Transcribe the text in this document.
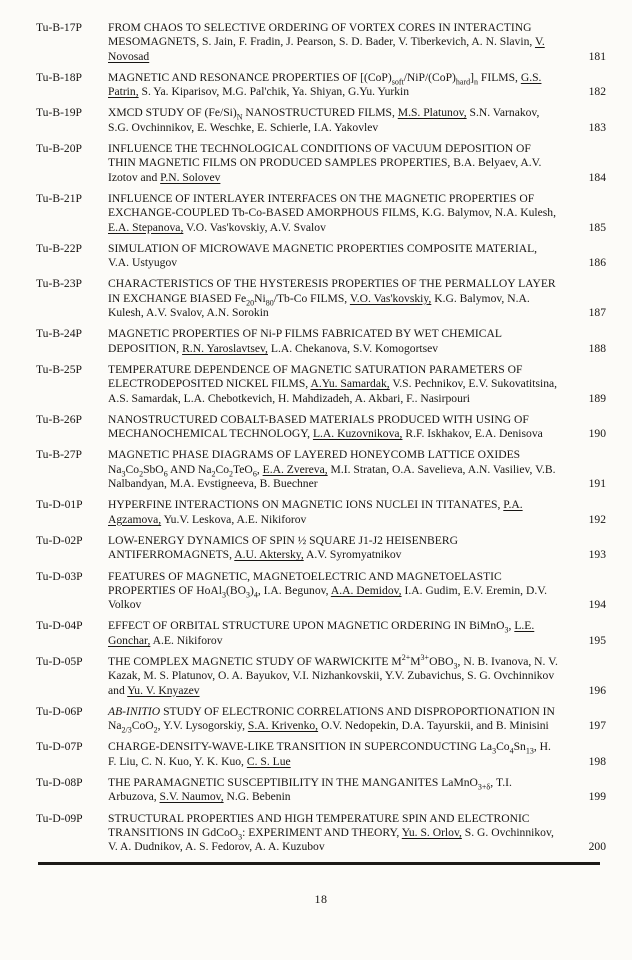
Tu-B-17P	FROM CHAOS TO SELECTIVE ORDERING OF VORTEX CORES IN INTERACTING MESOMAGNETS, S. Jain, F. Fradin, J. Pearson, S. D. Bader, V. Tiberkevich, A. N. Slavin, V. Novosad	181
Tu-B-18P	MAGNETIC AND RESONANCE PROPERTIES OF $[(CoP)_{soft}/NiP/(CoP)_{hard}]_n$ FILMS, G.S. Patrin, S. Ya. Kiparisov, M.G. Pal'chik, Ya. Shiyan, G.Yu. Yurkin	182
Tu-B-19P	XMCD STUDY OF $(Fe/Si)_N$ NANOSTRUCTURED FILMS, M.S. Platunov, S.N. Varnakov, S.G. Ovchinnikov, E. Weschke, E. Schierle, I.A. Yakovlev	183
Tu-B-20P	INFLUENCE THE TECHNOLOGICAL CONDITIONS OF VACUUM DEPOSITION OF THIN MAGNETIC FILMS ON PRODUCED SAMPLES PROPERTIES, B.A. Belyaev, A.V. Izotov and P.N. Solovev	184
Tu-B-21P	INFLUENCE OF INTERLAYER INTERFACES ON THE MAGNETIC PROPERTIES OF EXCHANGE-COUPLED Tb-Co-BASED AMORPHOUS FILMS, K.G. Balymov, N.A. Kulesh, E.A. Stepanova, V.O. Vas'kovskiy, A.V. Svalov	185
Tu-B-22P	SIMULATION OF MICROWAVE MAGNETIC PROPERTIES COMPOSITE MATERIAL, V.A. Ustyugov	186
Tu-B-23P	CHARACTERISTICS OF THE HYSTERESIS PROPERTIES OF THE PERMALLOY LAYER IN EXCHANGE BIASED $Fe_{20}Ni_{80}/Tb-Co$ FILMS, V.O. Vas'kovskiy, K.G. Balymov, N.A. Kulesh, A.V. Svalov, A.N. Sorokin	187
Tu-B-24P	MAGNETIC PROPERTIES OF Ni-P FILMS FABRICATED BY WET CHEMICAL DEPOSITION, R.N. Yaroslavtsev, L.A. Chekanova, S.V. Komogortsev	188
Tu-B-25P	TEMPERATURE DEPENDENCE OF MAGNETIC SATURATION PARAMETERS OF ELECTRODEPOSITED NICKEL FILMS, A.Yu. Samardak, V.S. Pechnikov, E.V. Sukovatitsina, A.S. Samardak, L.A. Chebotkevich, H. Mahdizadeh, A. Akbari, F.. Nasirpouri	189
Tu-B-26P	NANOSTRUCTURED COBALT-BASED MATERIALS PRODUCED WITH USING OF MECHANOCHEMICAL TECHNOLOGY, L.A. Kuzovnikova, R.F. Iskhakov, E.A. Denisova	190
Tu-B-27P	MAGNETIC PHASE DIAGRAMS OF LAYERED HONEYCOMB LATTICE OXIDES $Na_3Co_2SbO_6$ AND $Na_2Co_2TeO_6$, E.A. Zvereva, M.I. Stratan, O.A. Savelieva, A.N. Vasiliev, V.B. Nalbandyan, M.A. Evstigneeva, B. Buechner	191
Tu-D-01P	HYPERFINE INTERACTIONS ON MAGNETIC IONS NUCLEI IN TITANATES, P.A. Agzamova, Yu.V. Leskova, A.E. Nikiforov	192
Tu-D-02P	LOW-ENERGY DYNAMICS OF SPIN ½ SQUARE J1-J2 HEISENBERG ANTIFERROMAGNETS, A.U. Aktersky, A.V. Syromyatnikov	193
Tu-D-03P	FEATURES OF MAGNETIC, MAGNETOELECTRIC AND MAGNETOELASTIC PROPERTIES OF $HoAl_3(BO_3)_4$, I.A. Begunov, A.A. Demidov, I.A. Gudim, E.V. Eremin, D.V. Volkov	194
Tu-D-04P	EFFECT OF ORBITAL STRUCTURE UPON MAGNETIC ORDERING IN BiMnO$_3$, L.E. Gonchar, A.E. Nikiforov	195
Tu-D-05P	THE COMPLEX MAGNETIC STUDY OF WARWICKITE $M^{2+}M^{3+}OBO_3$, N. B. Ivanova, N. V. Kazak, M. S. Platunov, O. A. Bayukov, V.I. Nizhankovskii, Y.V. Zubavichus, S. G. Ovchinnikov and Yu. V. Knyazev	196
Tu-D-06P	AB-INITIO STUDY OF ELECTRONIC CORRELATIONS AND DISPROPORTIONATION IN $Na_{2/3}CoO_2$, Y.V. Lysogorskiy, S.A. Krivenko, O.V. Nedopekin, D.A. Tayurskii, and B. Minisini	197
Tu-D-07P	CHARGE-DENSITY-WAVE-LIKE TRANSITION IN SUPERCONDUCTING $La_3Co_4Sn_{13}$, H. F. Liu, C. N. Kuo, Y. K. Kuo, C. S. Lue	198
Tu-D-08P	THE PARAMAGNETIC SUSCEPTIBILITY IN THE MANGANITES LaMnO$_{3+\delta}$, T.I. Arbuzova, S.V. Naumov, N.G. Bebenin	199
Tu-D-09P	STRUCTURAL PROPERTIES AND HIGH TEMPERATURE SPIN AND ELECTRONIC TRANSITIONS IN GdCoO$_3$: EXPERIMENT AND THEORY, Yu. S. Orlov, S. G. Ovchinnikov, V. A. Dudnikov, A. S. Fedorov, A. A. Kuzubov	200
18
